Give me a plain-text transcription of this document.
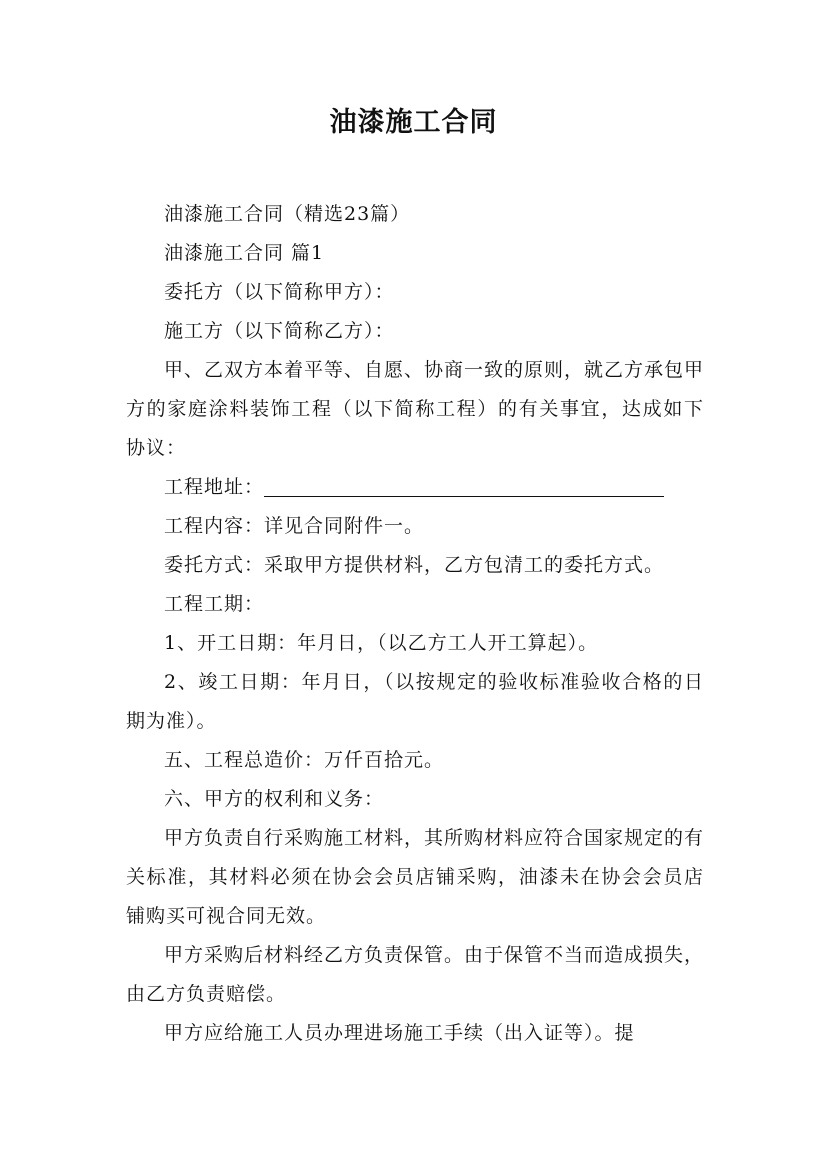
油漆施工合同

油漆施工合同（精选23篇）

油漆施工合同 篇1

委托方（以下简称甲方）：

施工方（以下简称乙方）：

甲、乙双方本着平等、自愿、协商一致的原则，就乙方承包甲方的家庭涂料装饰工程（以下简称工程）的有关事宜，达成如下协议：

工程地址：

工程内容：详见合同附件一。

委托方式：采取甲方提供材料，乙方包清工的委托方式。

工程工期：

1、开工日期：年月日，（以乙方工人开工算起）。

2、竣工日期：年月日，（以按规定的验收标准验收合格的日期为准）。

五、工程总造价：万仟百拾元。

六、甲方的权利和义务：

甲方负责自行采购施工材料，其所购材料应符合国家规定的有关标准，其材料必须在协会会员店铺采购，油漆未在协会会员店铺购买可视合同无效。

甲方采购后材料经乙方负责保管。由于保管不当而造成损失，由乙方负责赔偿。

甲方应给施工人员办理进场施工手续（出入证等）。提
